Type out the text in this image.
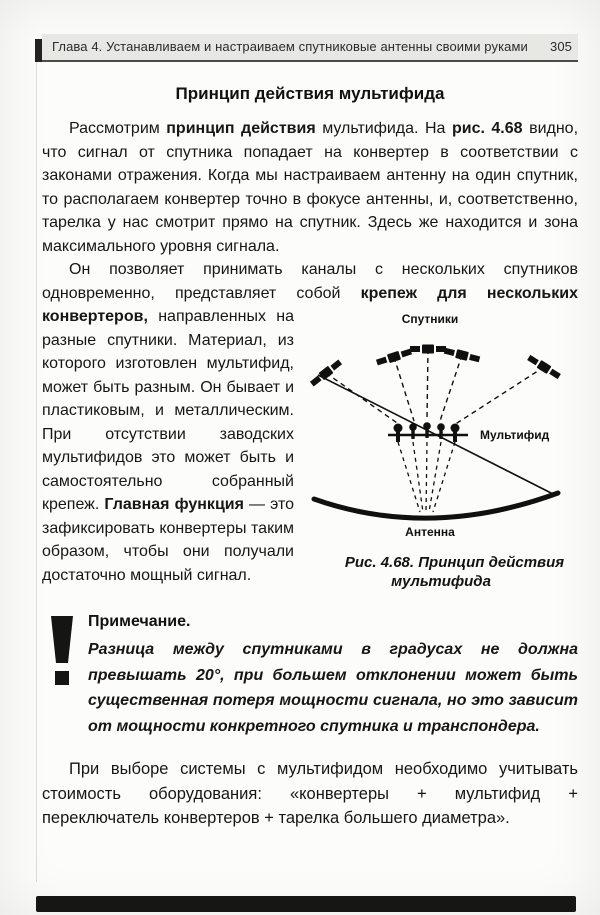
Глава 4. Устанавливаем и настраиваем спутниковые антенны своими руками	305
Принцип действия мультифида

Рассмотрим принцип действия мультифида. На рис. 4.68 видно, что сигнал от спутника попадает на конвертер в соответствии с законами отражения. Когда мы настраиваем антенну на один спутник, то располагаем конвертер точно в фокусе антенны, и, соответственно, тарелка у нас смотрит прямо на спутник. Здесь же находится и зона максимального уровня сигнала.

Он позволяет принимать каналы с нескольких спутников одновременно, представляет собой крепеж для нескольких конвертеров,	Спутники
Мультифид
Антенна
Рис. 4.68. Принцип действия мультифида
направленных на разные спутники. Материал, из которого изготовлен мультифид, может быть разным. Он бывает и пластиковым, и металлическим. При отсутствии заводских мультифидов это может быть и самостоятельно собранный крепеж. Главная функция — это зафиксировать конвертеры таким образом, чтобы они получали достаточно мощный сигнал.

Примечание.
Разница между спутниками в градусах не должна превышать 20°, при большем отклонении может быть существенная потеря мощности сигнала, но это зависит от мощности конкретного спутника и транспондера.

При выборе системы с мультифидом необходимо учитывать стоимость оборудования: «конвертеры + мультифид + переключатель конвертеров + тарелка большего диаметра».
